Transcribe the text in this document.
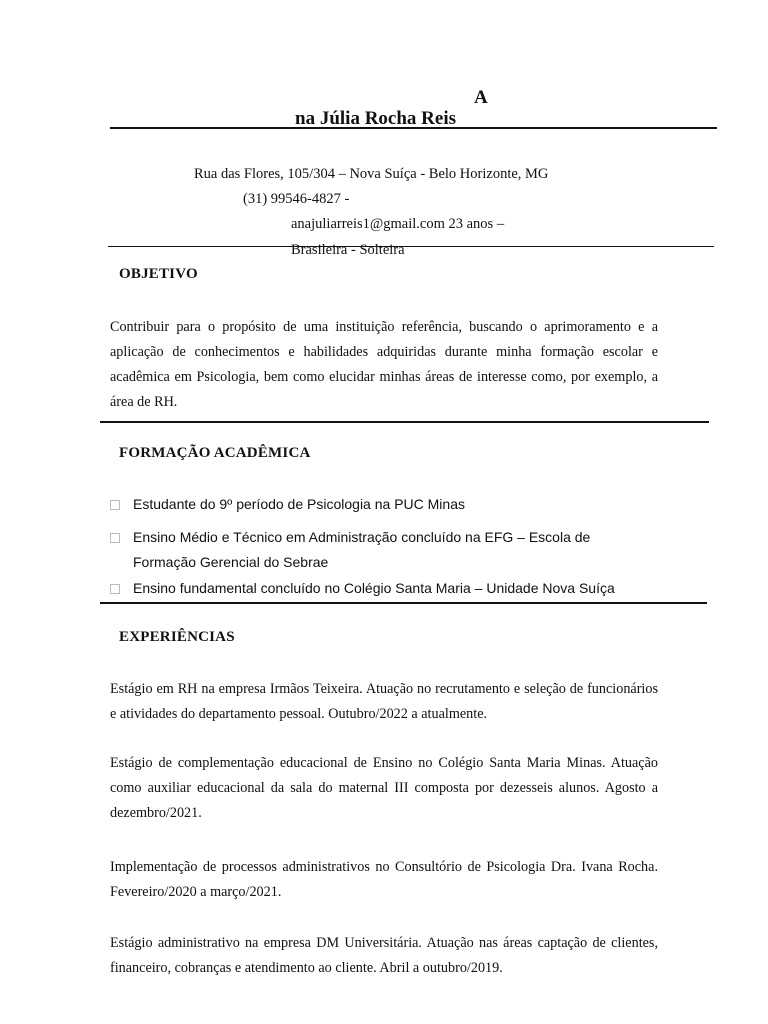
A
na Júlia Rocha Reis
Rua das Flores, 105/304 – Nova Suíça - Belo Horizonte, MG
(31) 99546-4827 -
anajuliarreis1@gmail.com 23 anos –
Brasileira - Solteira
OBJETIVO
Contribuir para o propósito de uma instituição referência, buscando o aprimoramento e a aplicação de conhecimentos e habilidades adquiridas durante minha formação escolar e acadêmica em Psicologia, bem como elucidar minhas áreas de interesse como, por exemplo, a área de RH.
FORMAÇÃO ACADÊMICA
Estudante do 9º período de Psicologia na PUC Minas
Ensino Médio e Técnico em Administração concluído na EFG – Escola de Formação Gerencial do Sebrae
Ensino fundamental concluído no Colégio Santa Maria – Unidade Nova Suíça
EXPERIÊNCIAS
Estágio em RH na empresa Irmãos Teixeira. Atuação no recrutamento e seleção de funcionários e atividades do departamento pessoal. Outubro/2022 a atualmente.
Estágio de complementação educacional de Ensino no Colégio Santa Maria Minas. Atuação como auxiliar educacional da sala do maternal III composta por dezesseis alunos. Agosto a dezembro/2021.
Implementação de processos administrativos no Consultório de Psicologia Dra. Ivana Rocha. Fevereiro/2020 a março/2021.
Estágio administrativo na empresa DM Universitária. Atuação nas áreas captação de clientes, financeiro, cobranças e atendimento ao cliente. Abril a outubro/2019.
